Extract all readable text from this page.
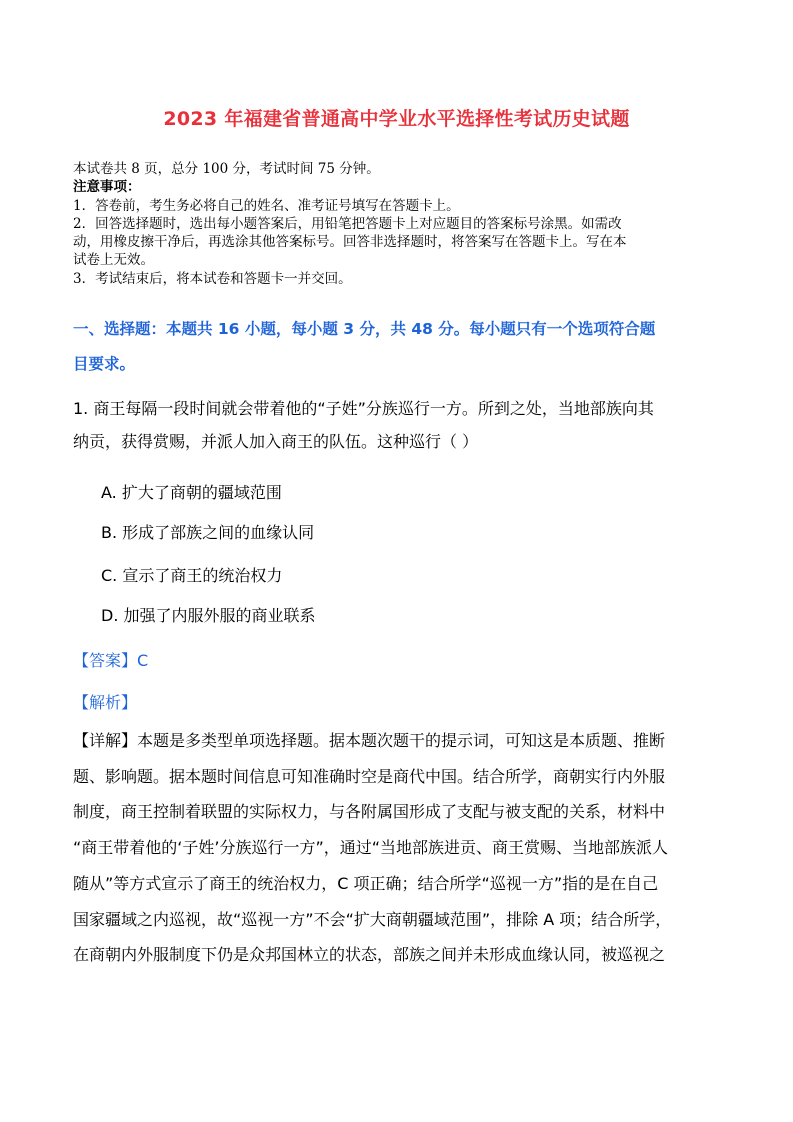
2023 年福建省普通高中学业水平选择性考试历史试题

本试卷共 8 页，总分 100 分，考试时间 75 分钟。

注意事项：

1．答卷前，考生务必将自己的姓名、准考证号填写在答题卡上。

2．回答选择题时，选出每小题答案后，用铅笔把答题卡上对应题目的答案标号涂黑。如需改

动，用橡皮擦干净后，再选涂其他答案标号。回答非选择题时，将答案写在答题卡上。写在本

试卷上无效。

3．考试结束后，将本试卷和答题卡一并交回。

一、选择题：本题共 16 小题，每小题 3 分，共 48 分。每小题只有一个选项符合题
目要求。
1. 商王每隔一段时间就会带着他的“子姓”分族巡行一方。所到之处，当地部族向其
纳贡，获得赏赐，并派人加入商王的队伍。这种巡行（ ）
A. 扩大了商朝的疆域范围
B. 形成了部族之间的血缘认同
C. 宣示了商王的统治权力
D. 加强了内服外服的商业联系
【答案】C
【解析】
【详解】本题是多类型单项选择题。据本题次题干的提示词，可知这是本质题、推断
题、影响题。据本题时间信息可知准确时空是商代中国。结合所学，商朝实行内外服
制度，商王控制着联盟的实际权力，与各附属国形成了支配与被支配的关系，材料中
“商王带着他的‘子姓’分族巡行一方”，通过“当地部族进贡、商王赏赐、当地部族派人
随从”等方式宣示了商王的统治权力，C 项正确；结合所学“巡视一方”指的是在自己
国家疆域之内巡视，故“巡视一方”不会“扩大商朝疆域范围”，排除 A 项；结合所学，
在商朝内外服制度下仍是众邦国林立的状态，部族之间并未形成血缘认同，被巡视之
